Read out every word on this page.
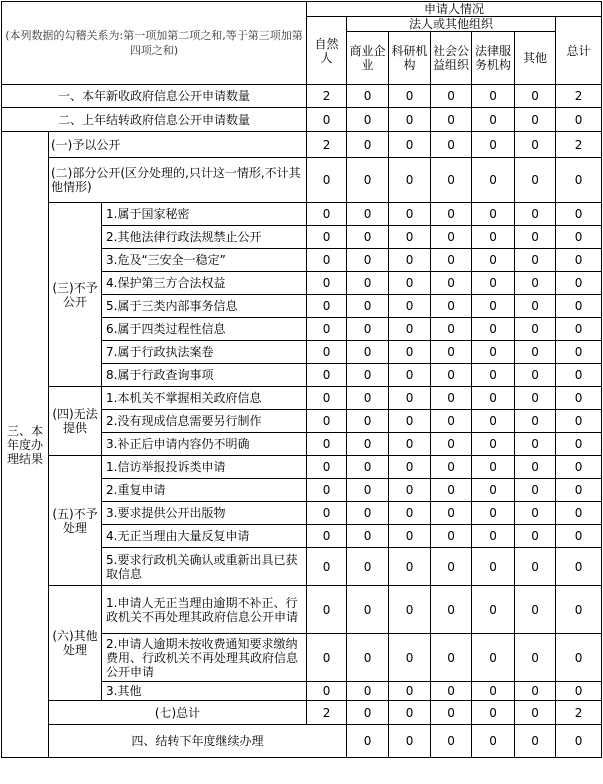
(本列数据的勾稽关系为:第一项加第二项之和,等于第三项加第四项之和)			申请人情况							
			自然人	法人或其他组织					总计	
				商业企业	科研机构	社会公益组织	法律服务机构	其他		
一、本年新收政府信息公开申请数量			2	0	0	0	0	0	2	
二、上年结转政府信息公开申请数量			0	0	0	0	0	0	0	
三、本年度办理结果	(一)予以公开		2	0	0	0	0	0	2	
	(二)部分公开(区分处理的,只计这一情形,不计其他情形)		0	0	0	0	0	0	0	
	(三)不予公开	1.属于国家秘密	0	0	0	0	0	0	0	
		2.其他法律行政法规禁止公开	0	0	0	0	0	0	0	
		3.危及“三安全一稳定”	0	0	0	0	0	0	0	
		4.保护第三方合法权益	0	0	0	0	0	0	0	
		5.属于三类内部事务信息	0	0	0	0	0	0	0	
		6.属于四类过程性信息	0	0	0	0	0	0	0	
		7.属于行政执法案卷	0	0	0	0	0	0	0	
		8.属于行政查询事项	0	0	0	0	0	0	0	
	(四)无法提供	1.本机关不掌握相关政府信息	0	0	0	0	0	0	0	
		2.没有现成信息需要另行制作	0	0	0	0	0	0	0	
		3.补正后申请内容仍不明确	0	0	0	0	0	0	0	
	(五)不予处理	1.信访举报投诉类申请	0	0	0	0	0	0	0	
		2.重复申请	0	0	0	0	0	0	0	
		3.要求提供公开出版物	0	0	0	0	0	0	0	
		4.无正当理由大量反复申请	0	0	0	0	0	0	0	
		5.要求行政机关确认或重新出具已获取信息	0	0	0	0	0	0	0	
	(六)其他处理	1.申请人无正当理由逾期不补正、行政机关不再处理其政府信息公开申请	0	0	0	0	0	0	0	
		2.申请人逾期未按收费通知要求缴纳费用、行政机关不再处理其政府信息公开申请	0	0	0	0	0	0	0	
		3.其他	0	0	0	0	0	0	0	
	(七)总计		2	0	0	0	0	0	2	
	四、结转下年度继续办理			0	0	0	0	0	0	
